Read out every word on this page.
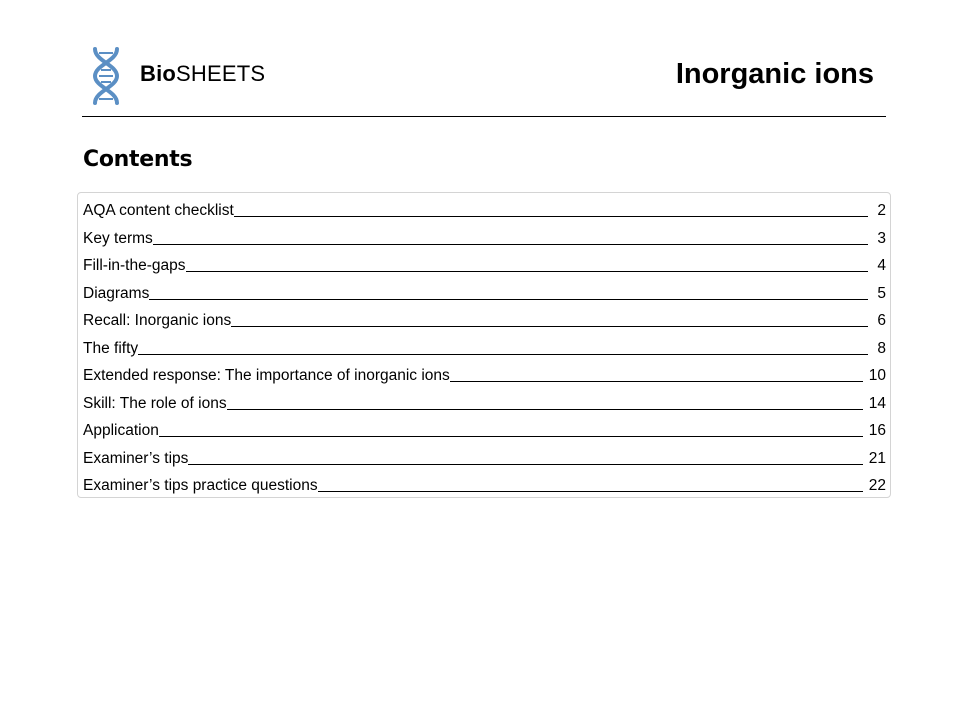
BioSHEETS	Inorganic ions
Contents
AQA content checklist	2
Key terms	3
Fill-in-the-gaps	4
Diagrams	5
Recall: Inorganic ions	6
The fifty	8
Extended response: The importance of inorganic ions	10
Skill: The role of ions	14
Application	16
Examiner’s tips	21
Examiner’s tips practice questions	22
